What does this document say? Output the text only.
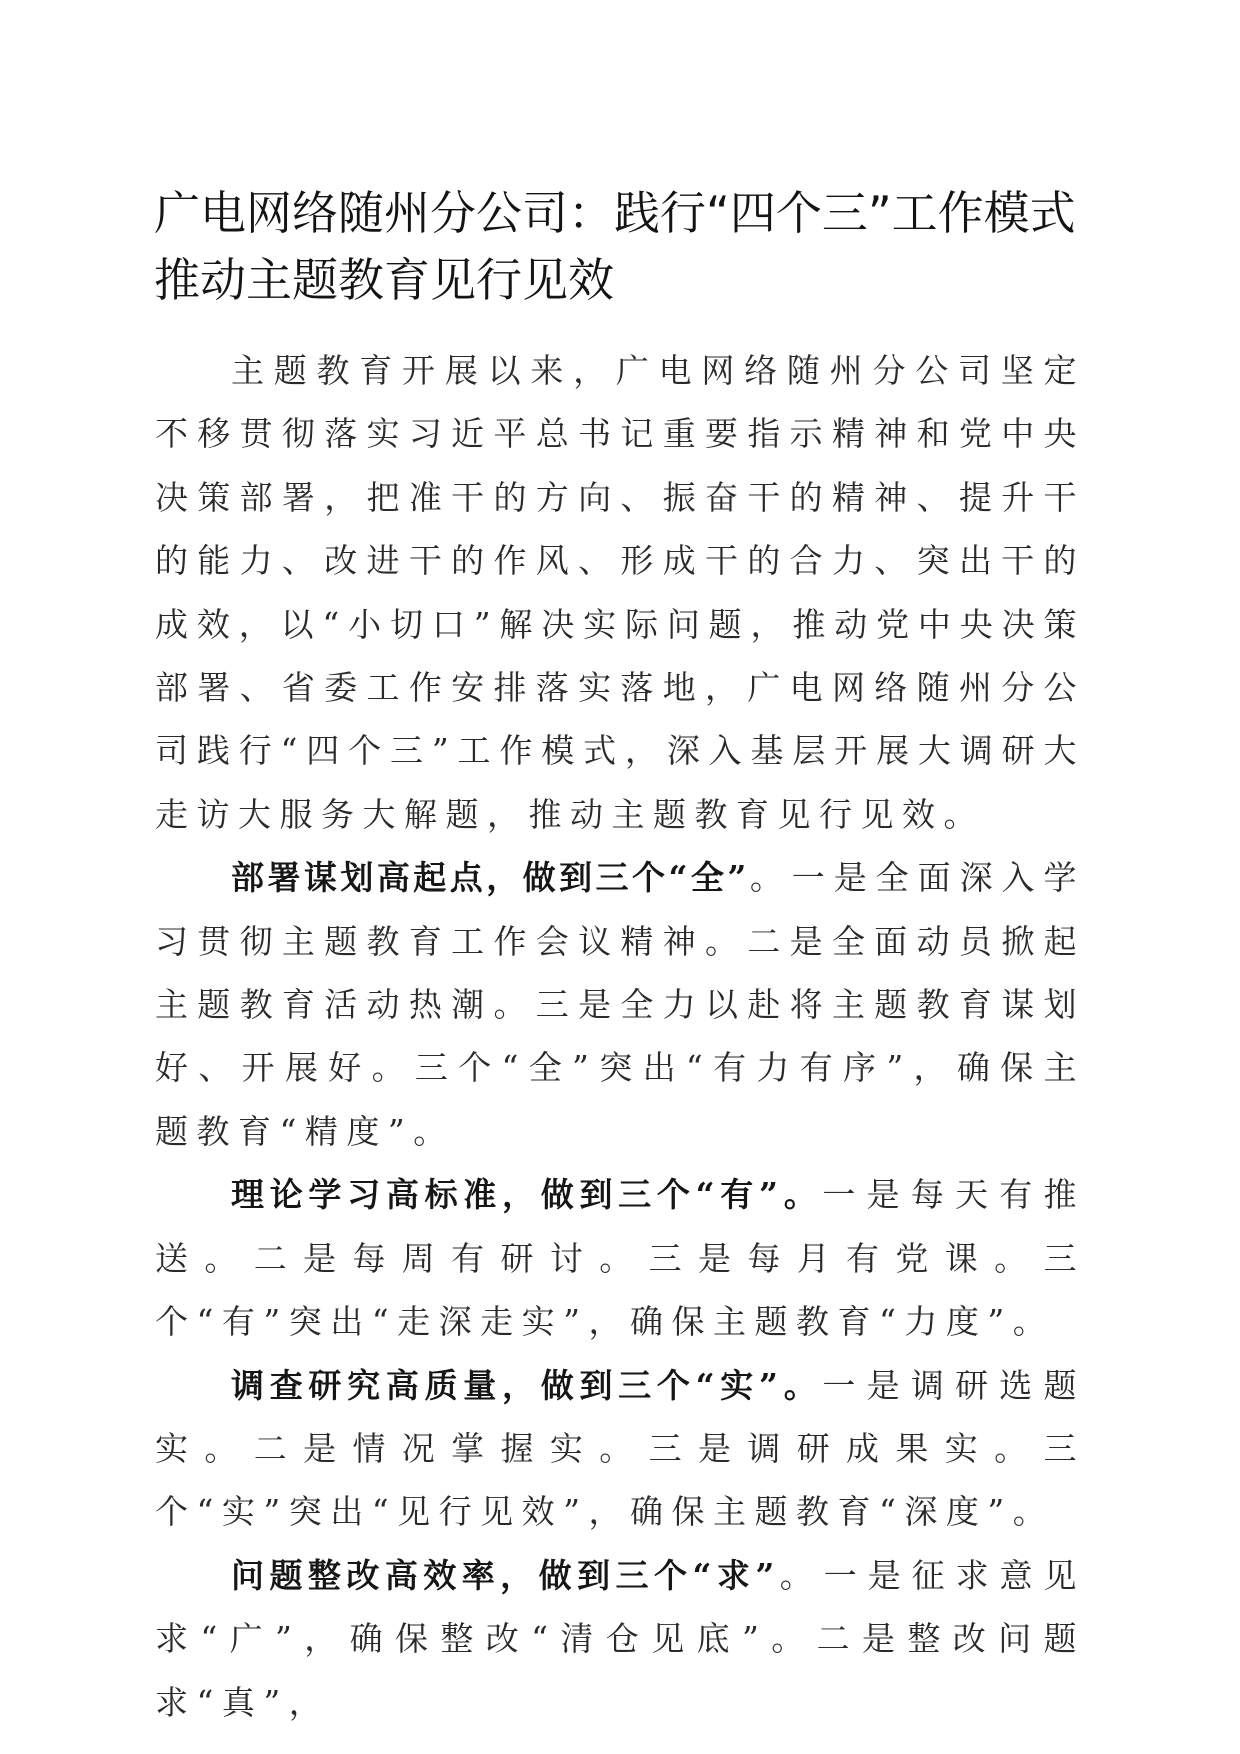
广电网络随州分公司：践行“四个三”工作模式 推动主题教育见行见效

主题教育开展以来，广电网络随州分公司坚定不移贯彻落实习近平总书记重要指示精神和党中央决策部署，把准干的方向、振奋干的精神、提升干的能力、改进干的作风、形成干的合力、突出干的成效，以“小切口”解决实际问题，推动党中央决策部署、省委工作安排落实落地，广电网络随州分公司践行“四个三”工作模式，深入基层开展大调研大走访大服务大解题，推动主题教育见行见效。

部署谋划高起点，做到三个“全”。一是全面深入学习贯彻主题教育工作会议精神。二是全面动员掀起主题教育活动热潮。三是全力以赴将主题教育谋划好、开展好。三个“全”突出“有力有序”，确保主题教育“精度”。

理论学习高标准，做到三个“有”。一是每天有推送。二是每周有研讨。三是每月有党课。三个“有”突出“走深走实”，确保主题教育“力度”。

调查研究高质量，做到三个“实”。一是调研选题实。二是情况掌握实。三是调研成果实。三个“实”突出“见行见效”，确保主题教育“深度”。

问题整改高效率，做到三个“求”。一是征求意见求“广”，确保整改“清仓见底”。二是整改问题求“真”，
